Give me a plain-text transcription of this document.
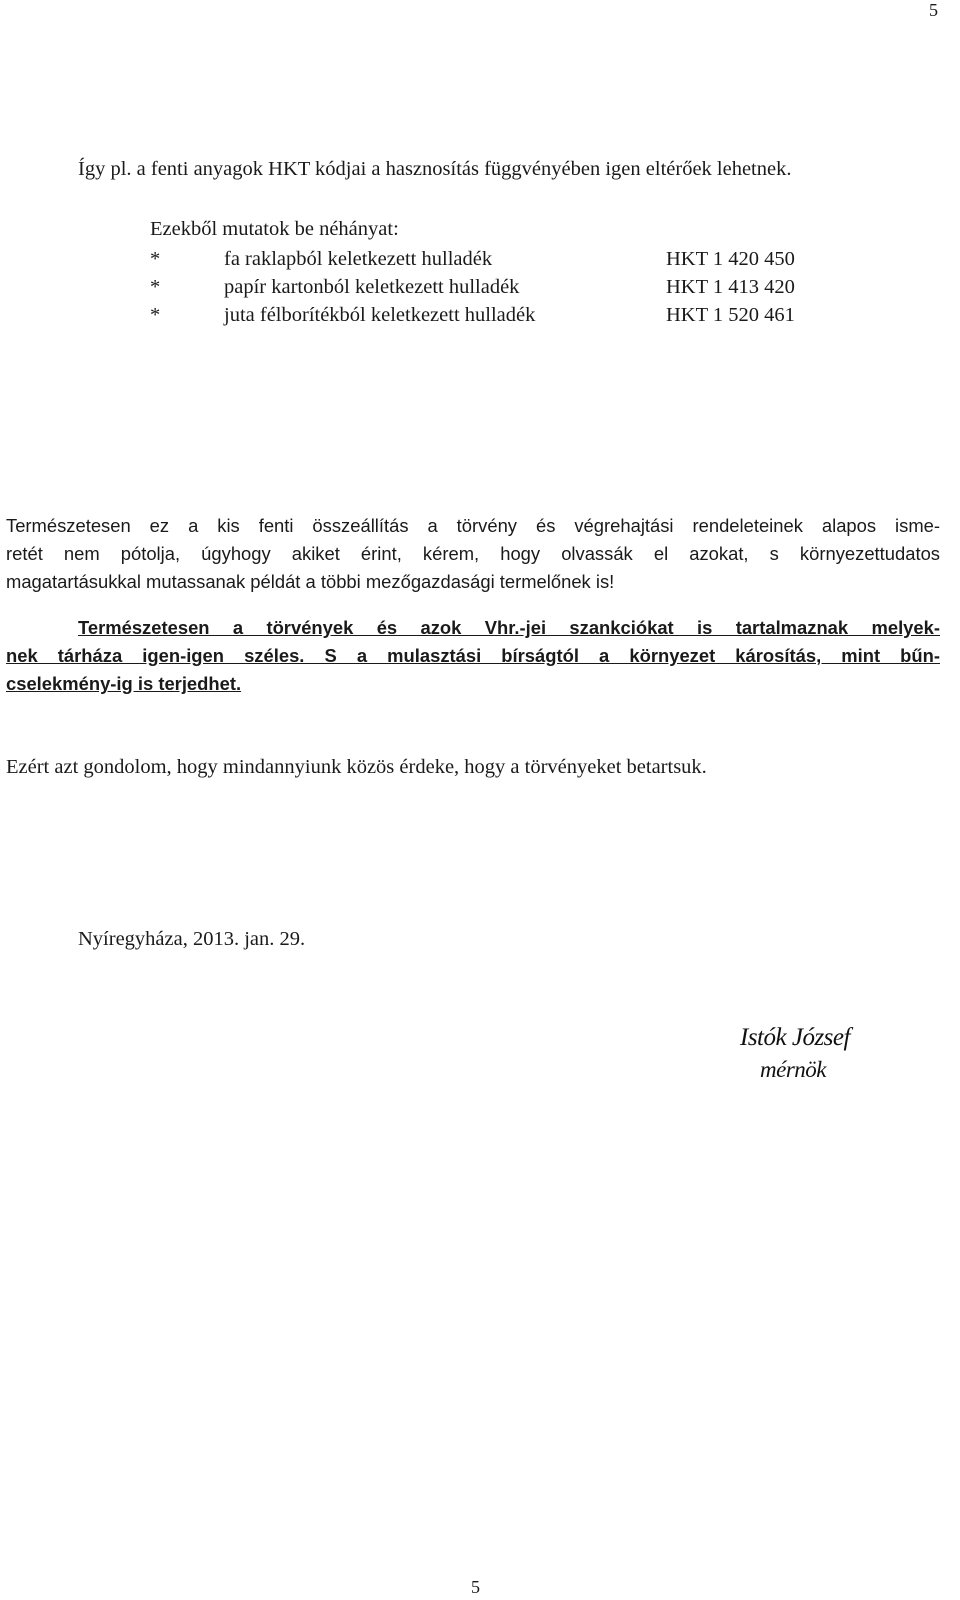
5
Így pl. a fenti anyagok HKT kódjai a hasznosítás függvényében igen eltérőek lehetnek.
Ezekből mutatok be néhányat:
*	fa raklapból keletkezett hulladék	HKT 1 420 450
*	papír kartonból keletkezett hulladék	HKT 1 413 420
*	juta félborítékból keletkezett hulladék	HKT 1 520 461
Természetesen ez a kis fenti összeállítás a törvény és végrehajtási rendeleteinek alapos isme-
retét nem pótolja, úgyhogy akiket érint, kérem, hogy olvassák el azokat, s környezettudatos
magatartásukkal mutassanak példát a többi mezőgazdasági termelőnek is!
Természetesen a törvények és azok Vhr.-jei szankciókat is tartalmaznak melyek-
nek tárháza igen-igen széles. S a mulasztási bírságtól a környezet károsítás, mint bűn-
cselekmény-ig is terjedhet.
Ezért azt gondolom, hogy mindannyiunk közös érdeke, hogy a törvényeket betartsuk.
Nyíregyháza, 2013. jan. 29.
Istók József
mérnök
5
